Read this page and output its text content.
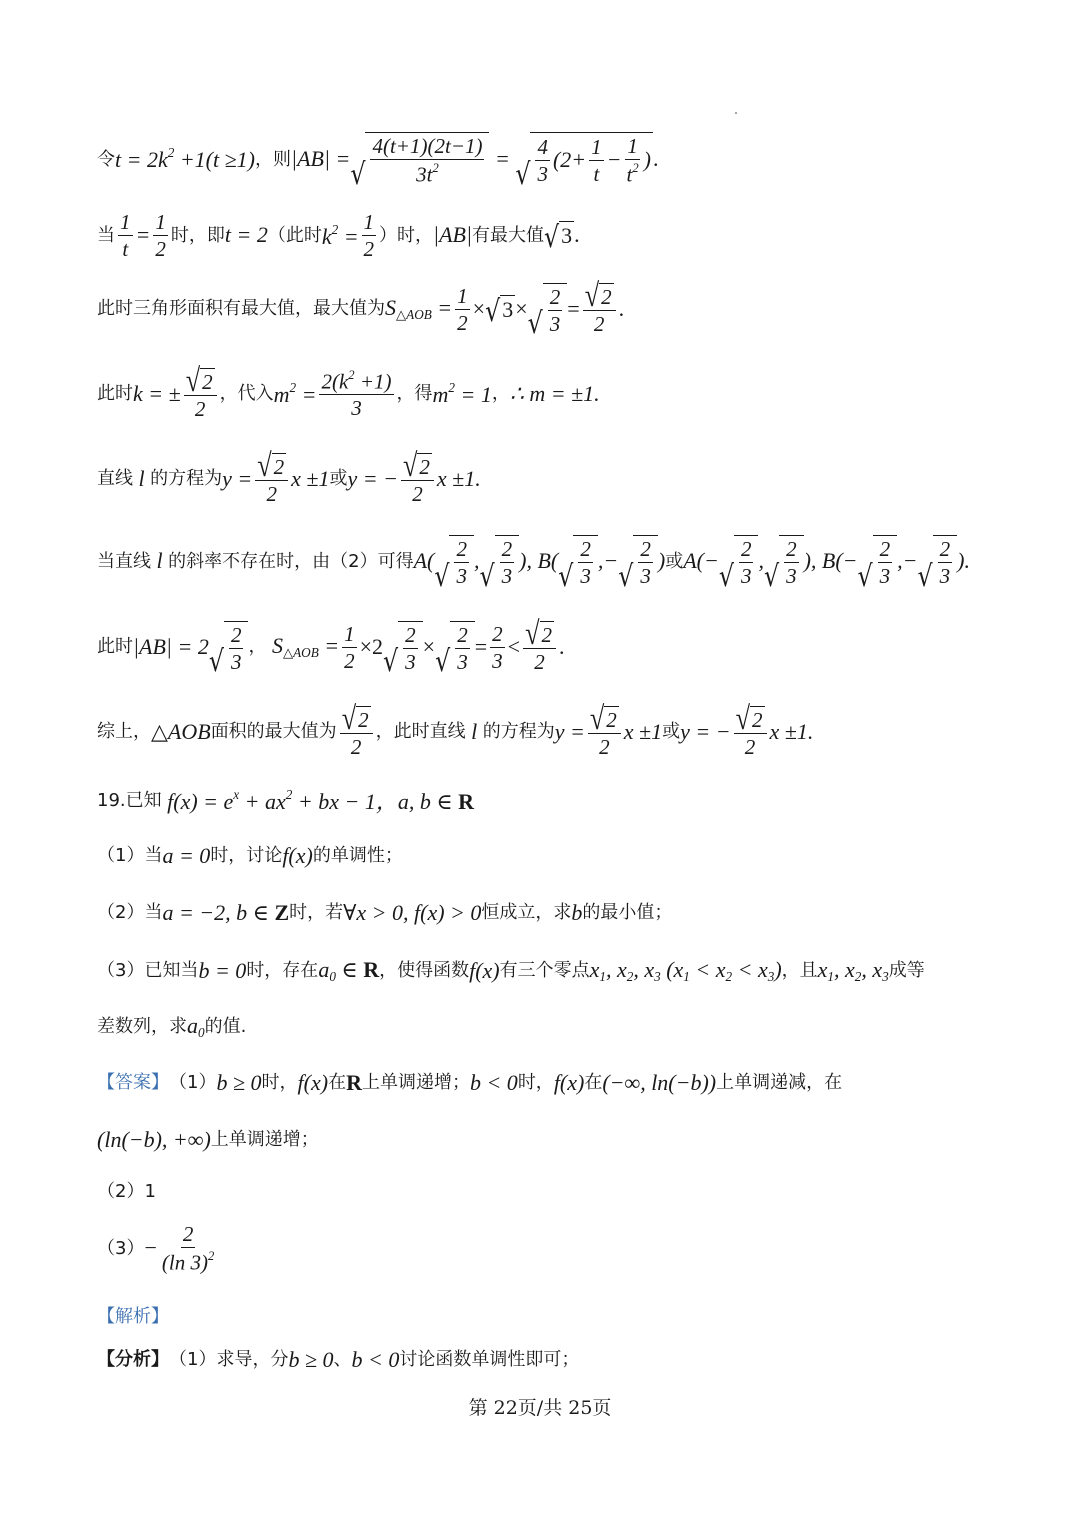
令 $t = 2k^2 +1(t \ge 1)$ ，则 |AB| = √ $\frac{4(t+1)(2t-1)}{3t^2}$ = √ $\frac{4}{3} (2+ \frac{1}{t} - \frac{1}{t^2}$ ) .
当 $\frac{1}{t} = \frac{1}{2}$ 时，即 t = 2 （此时 $k^2 = \frac{1}{2}$ ）时， |AB| 有最大值 √ 3 .
此时三角形面积有最大值，最大值为 $S_{\triangle AOB} = \frac{1}{2}$ × √ 3 × √ $\frac{2}{3} = \frac{√ 2}{2}$ .
此时 k = ± $\frac{√ 2}{2}$ ，代入 $m^2 = \frac{2(k^2 +1)}{3}$ ，得 $m^2 = 1$ ， ∴ m = ±1.
直线 l 的方程为 $y = \frac{√ 2}{2}$ x ±1 或 y = − $\frac{√ 2}{2}$ x ±1.
当直线 l 的斜率不存在时，由（2）可得 A( √ $\frac{2}{3}$ , √ $\frac{2}{3}$ ), B( √ $\frac{2}{3}$ ,− √ $\frac{2}{3}$ ) 或 A(− √ $\frac{2}{3}$ , √ $\frac{2}{3}$ ), B(− √ $\frac{2}{3}$ ,− √ $\frac{2}{3}$ ).
此时 |AB| = 2 √ $\frac{2}{3}$ ， $S_{\triangle AOB} = \frac{1}{2} \times 2$ √ $\frac{2}{3}$ × √ $\frac{2}{3} = \frac{2}{3} < \frac{√ 2}{2}$ .
综上， △AOB 面积的最大值为 $\frac{√ 2}{2}$ ，此时直线 l 的方程为 $y = \frac{√ 2}{2}$ x ±1 或 y = − $\frac{√ 2}{2}$ x ±1.
19. 已知 $f(x) = e^x + ax^2$ + bx − 1，a, b ∈ R
（1）当 a = 0 时，讨论 f(x) 的单调性；
（2）当 a = −2, b ∈ Z 时，若 ∀x > 0, f(x) > 0 恒成立，求 b 的最小值；
（3）已知当 b = 0 时，存在 $a_0$ ∈ R ，使得函数 f(x) 有三个零点 $x_1$, $x_2$, $x_3$ $(x_1 < x_2 < x_3)$ ，且 $x_1$, $x_2$, $x_3$ 成等
差数列，求 $a_0$ 的值.
【答案】 （1） b ≥ 0 时， f(x) 在 R 上单调递增； b < 0 时， f(x) 在 (−∞, ln(−b)) 上单调递减，在
(ln(−b), +∞) 上单调递增；
（2）1
$(3) - \frac{2}{(\ln 3)^2}$
【解析】
【分析】 （1）求导，分 b ≥ 0 、 b < 0 讨论函数单调性即可；
第 22页/共 25页
